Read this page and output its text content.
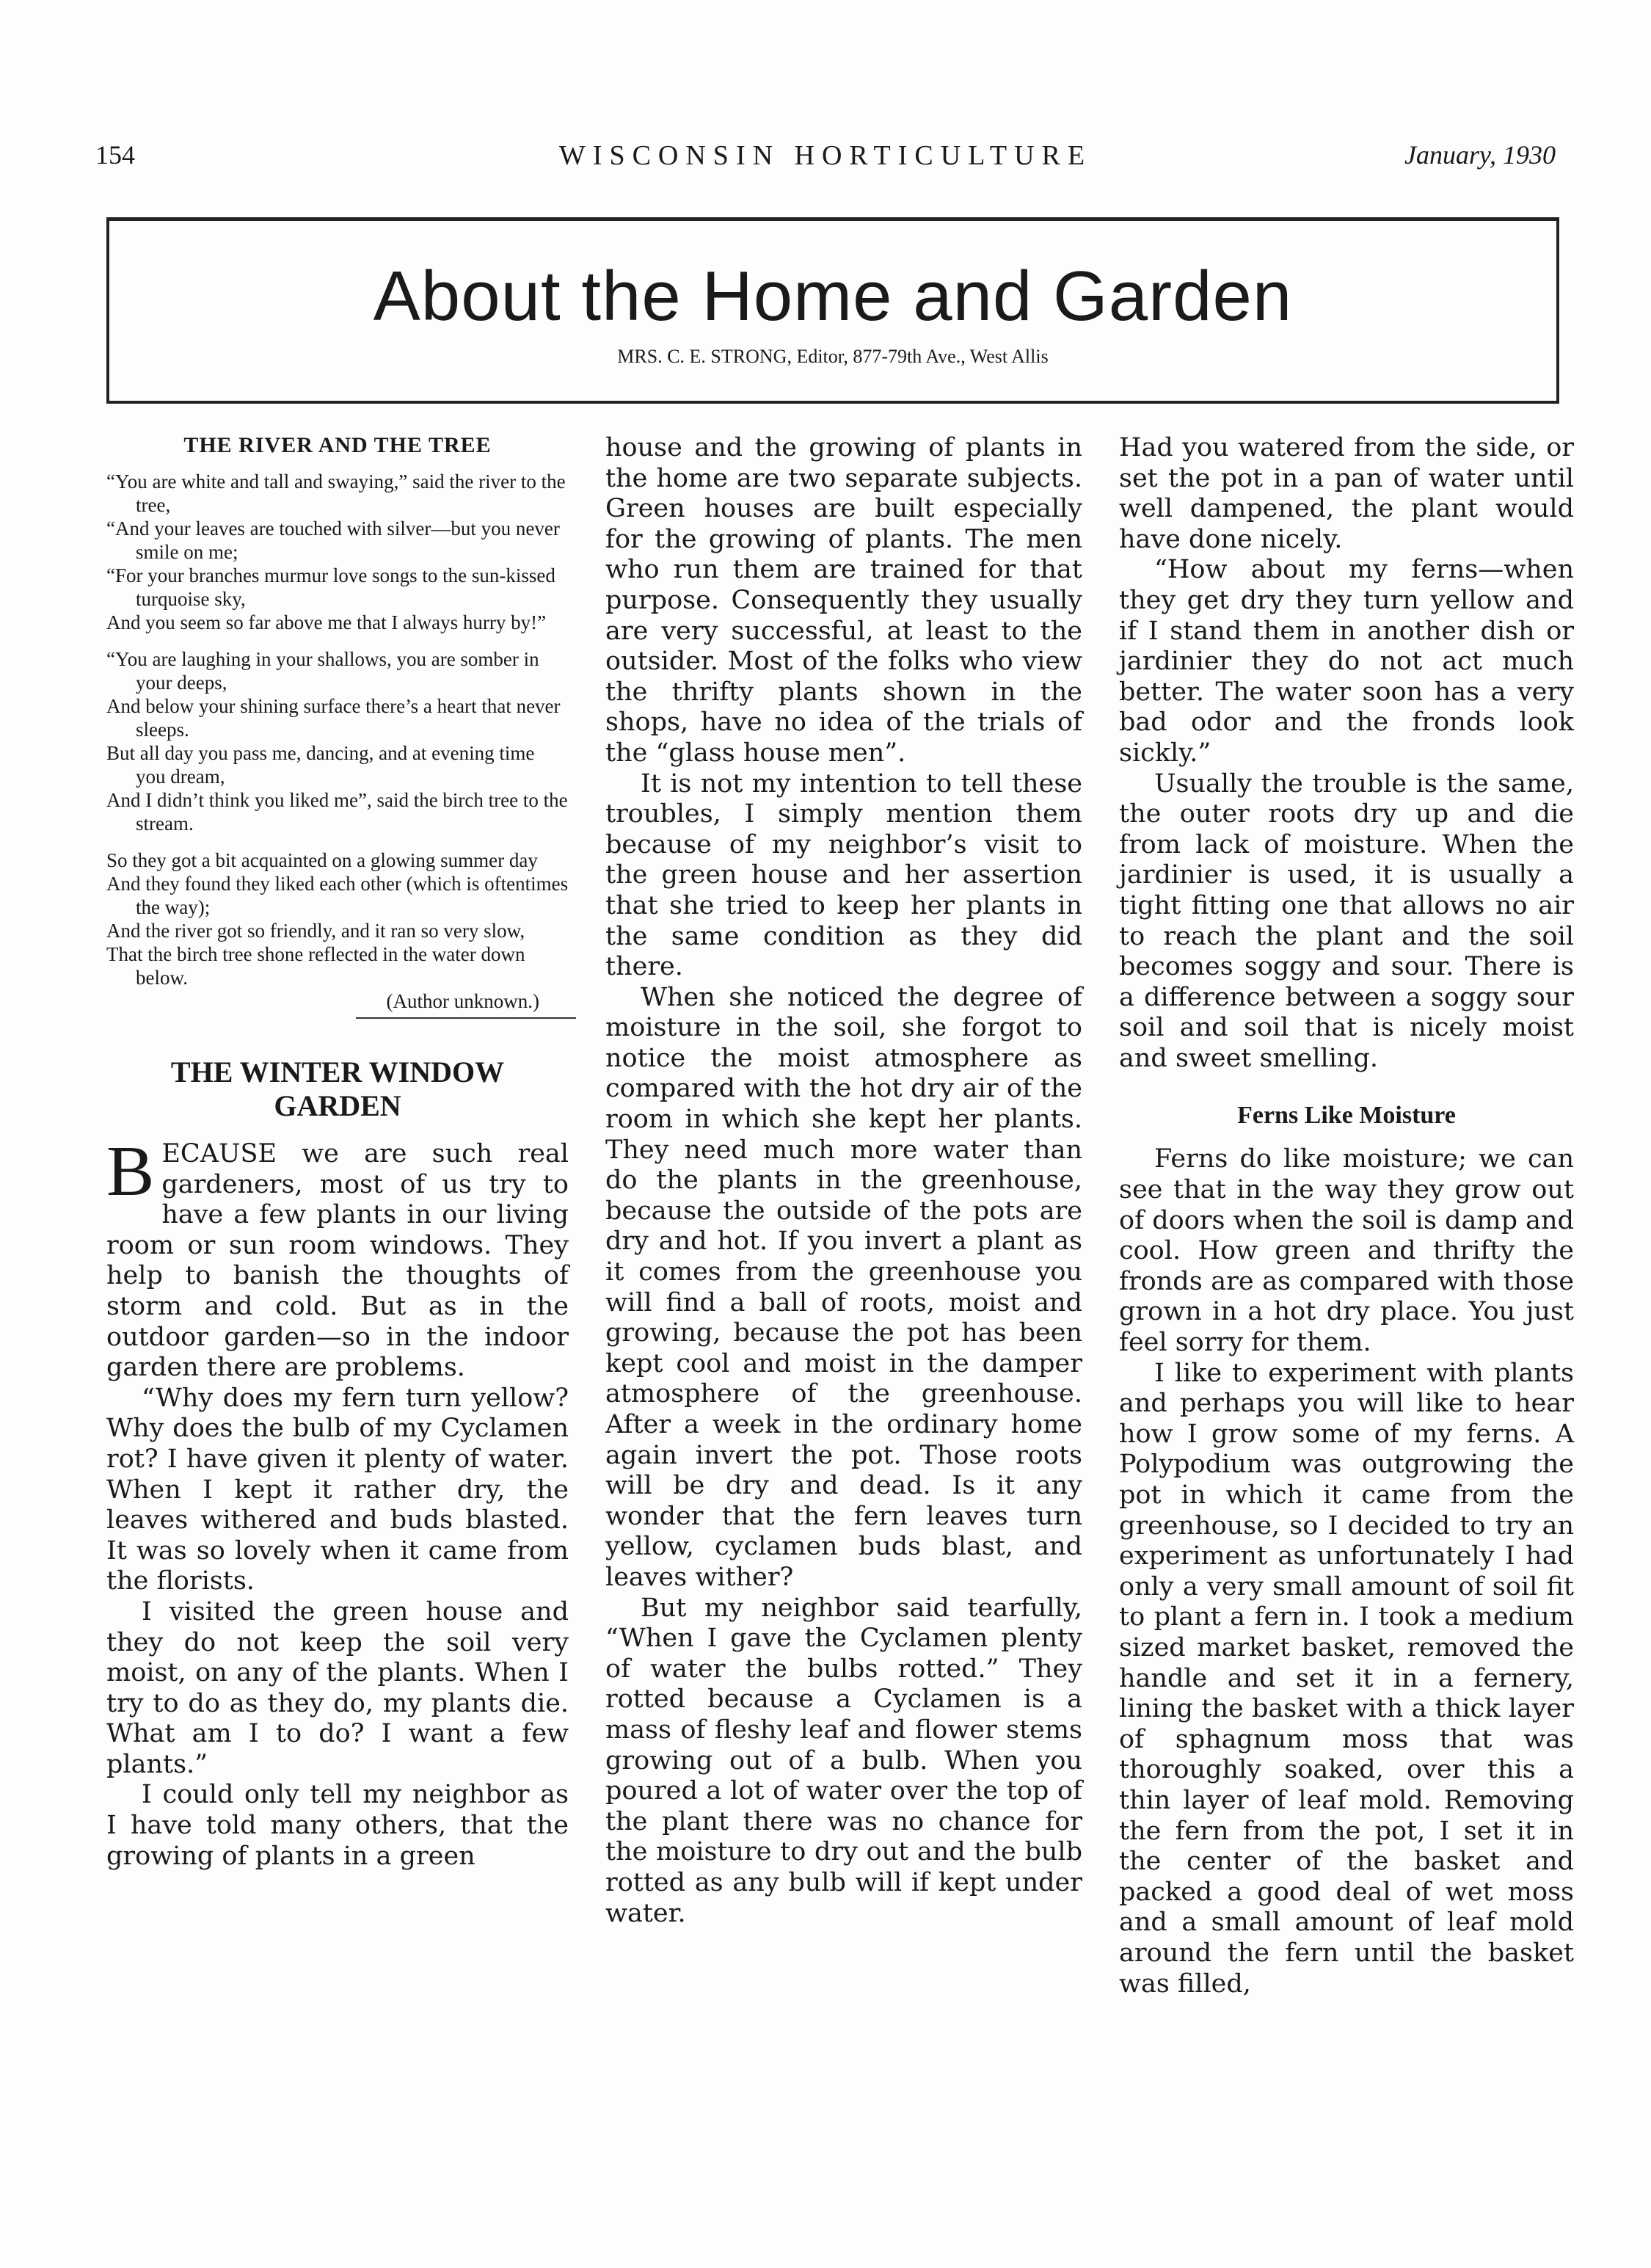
154	WISCONSIN HORTICULTURE	January, 1930
About the Home and Garden
MRS. C. E. STRONG, Editor, 877-79th Ave., West Allis
THE RIVER AND THE TREE
“You are white and tall and swaying,” said the river to the tree,
“And your leaves are touched with silver—but you never smile on me;
“For your branches murmur love songs to the sun-kissed turquoise sky,
And you seem so far above me that I always hurry by!”
“You are laughing in your shallows, you are somber in your deeps,
And below your shining surface there’s a heart that never sleeps.
But all day you pass me, dancing, and at evening time you dream,
And I didn’t think you liked me”, said the birch tree to the stream.
So they got a bit acquainted on a glowing summer day
And they found they liked each other (which is oftentimes the way);
And the river got so friendly, and it ran so very slow,
That the birch tree shone reflected in the water down below.
(Author unknown.)
THE WINTER WINDOW
GARDEN

BECAUSE we are such real gardeners, most of us try to have a few plants in our living room or sun room windows. They help to banish the thoughts of storm and cold. But as in the outdoor garden—so in the indoor garden there are problems.

“Why does my fern turn yellow? Why does the bulb of my Cyclamen rot? I have given it plenty of water. When I kept it rather dry, the leaves withered and buds blasted. It was so lovely when it came from the florists.

I visited the green house and they do not keep the soil very moist, on any of the plants. When I try to do as they do, my plants die. What am I to do? I want a few plants.”

I could only tell my neighbor as I have told many others, that the growing of plants in a green

house and the growing of plants in the home are two separate subjects. Green houses are built especially for the growing of plants. The men who run them are trained for that purpose. Consequently they usually are very successful, at least to the outsider. Most of the folks who view the thrifty plants shown in the shops, have no idea of the trials of the “glass house men”.

It is not my intention to tell these troubles, I simply mention them because of my neighbor’s visit to the green house and her assertion that she tried to keep her plants in the same condition as they did there.

When she noticed the degree of moisture in the soil, she forgot to notice the moist atmosphere as compared with the hot dry air of the room in which she kept her plants. They need much more water than do the plants in the greenhouse, because the outside of the pots are dry and hot. If you invert a plant as it comes from the greenhouse you will find a ball of roots, moist and growing, because the pot has been kept cool and moist in the damper atmosphere of the greenhouse. After a week in the ordinary home again invert the pot. Those roots will be dry and dead. Is it any wonder that the fern leaves turn yellow, cyclamen buds blast, and leaves wither?

But my neighbor said tearfully, “When I gave the Cyclamen plenty of water the bulbs rotted.” They rotted because a Cyclamen is a mass of fleshy leaf and flower stems growing out of a bulb. When you poured a lot of water over the top of the plant there was no chance for the moisture to dry out and the bulb rotted as any bulb will if kept under water.

Had you watered from the side, or set the pot in a pan of water until well dampened, the plant would have done nicely.

“How about my ferns—when they get dry they turn yellow and if I stand them in another dish or jardinier they do not act much better. The water soon has a very bad odor and the fronds look sickly.”

Usually the trouble is the same, the outer roots dry up and die from lack of moisture. When the jardinier is used, it is usually a tight fitting one that allows no air to reach the plant and the soil becomes soggy and sour. There is a difference between a soggy sour soil and soil that is nicely moist and sweet smelling.

Ferns Like Moisture

Ferns do like moisture; we can see that in the way they grow out of doors when the soil is damp and cool. How green and thrifty the fronds are as compared with those grown in a hot dry place. You just feel sorry for them.

I like to experiment with plants and perhaps you will like to hear how I grow some of my ferns. A Polypodium was outgrowing the pot in which it came from the greenhouse, so I decided to try an experiment as unfortunately I had only a very small amount of soil fit to plant a fern in. I took a medium sized market basket, removed the handle and set it in a fernery, lining the basket with a thick layer of sphagnum moss that was thoroughly soaked, over this a thin layer of leaf mold. Removing the fern from the pot, I set it in the center of the basket and packed a good deal of wet moss and a small amount of leaf mold around the fern until the basket was filled,
